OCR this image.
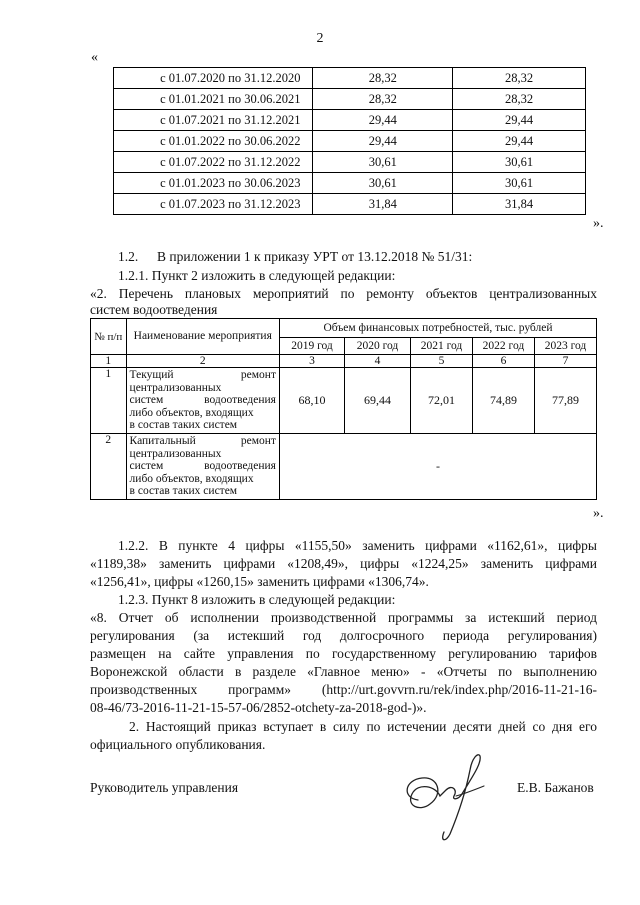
2
«
с 01.07.2020 по 31.12.2020	28,32	28,32
с 01.01.2021 по 30.06.2021	28,32	28,32
с 01.07.2021 по 31.12.2021	29,44	29,44
с 01.01.2022 по 30.06.2022	29,44	29,44
с 01.07.2022 по 31.12.2022	30,61	30,61
с 01.01.2023 по 30.06.2023	30,61	30,61
с 01.07.2023 по 31.12.2023	31,84	31,84
».
1.2. В приложении 1 к приказу УРТ от 13.12.2018 № 51/31:
1.2.1. Пункт 2 изложить в следующей редакции:
«2. Перечень плановых мероприятий по ремонту объектов централизованных
систем водоотведения
№ п/п	Наименование мероприятия	Объем финансовых потребностей, тыс. рублей				
		2019 год	2020 год	2021 год	2022 год	2023 год
1	2	3	4	5	6	7
1	Текущий ремонт
централизованных
систем водоотведения
либо объектов, входящих
в состав таких систем	68,10	69,44	72,01	74,89	77,89
2	Капитальный ремонт
централизованных
систем водоотведения
либо объектов, входящих
в состав таких систем	-				
».
1.2.2. В пункте 4 цифры «1155,50» заменить цифрами «1162,61», цифры
«1189,38» заменить цифрами «1208,49», цифры «1224,25» заменить цифрами
«1256,41», цифры «1260,15» заменить цифрами «1306,74».
1.2.3. Пункт 8 изложить в следующей редакции:
«8. Отчет об исполнении производственной программы за истекший период
регулирования (за истекший год долгосрочного периода регулирования)
размещен на сайте управления по государственному регулированию тарифов
Воронежской области в разделе «Главное меню» - «Отчеты по выполнению
производственных программ» (http://urt.govvrn.ru/rek/index.php/2016-11-21-16-
08-46/73-2016-11-21-15-57-06/2852-otchety-za-2018-god-)».
2. Настоящий приказ вступает в силу по истечении десяти дней со дня его
официального опубликования.
Руководитель управления	Е.В. Бажанов
